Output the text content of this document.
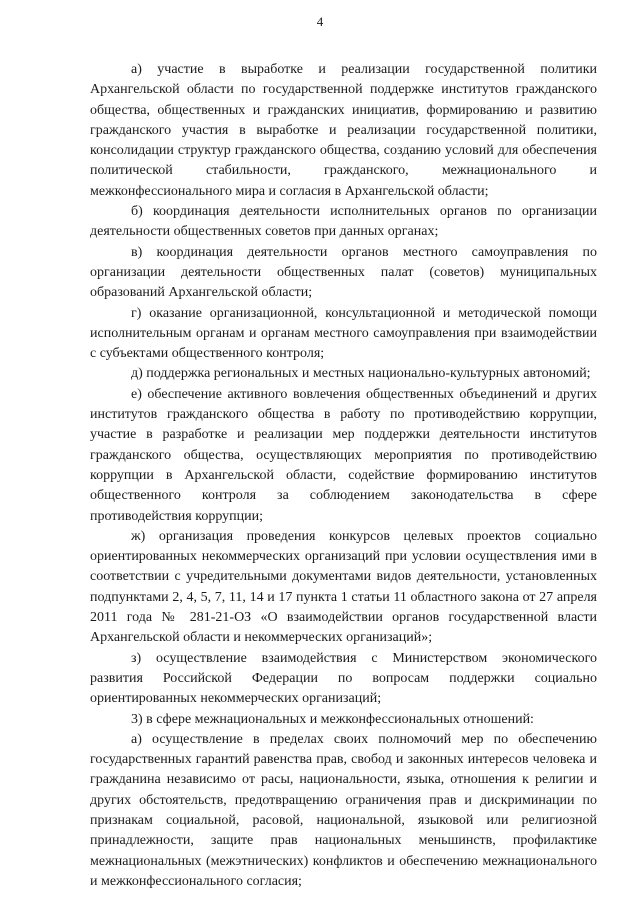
4

а) участие в выработке и реализации государственной политики Архангельской области по государственной поддержке институтов гражданского общества, общественных и гражданских инициатив, формированию и развитию гражданского участия в выработке и реализации государственной политики, консолидации структур гражданского общества, созданию условий для обеспечения политической стабильности, гражданского, межнационального и межконфессионального мира и согласия в Архангельской области;

б) координация деятельности исполнительных органов по организации деятельности общественных советов при данных органах;

в) координация деятельности органов местного самоуправления по организации деятельности общественных палат (советов) муниципальных образований Архангельской области;

г) оказание организационной, консультационной и методической помощи исполнительным органам и органам местного самоуправления при взаимодействии с субъектами общественного контроля;

д) поддержка региональных и местных национально-культурных автономий;

е) обеспечение активного вовлечения общественных объединений и других институтов гражданского общества в работу по противодействию коррупции, участие в разработке и реализации мер поддержки деятельности институтов гражданского общества, осуществляющих мероприятия по противодействию коррупции в Архангельской области, содействие формированию институтов общественного контроля за соблюдением законодательства в сфере противодействия коррупции;

ж) организация проведения конкурсов целевых проектов социально ориентированных некоммерческих организаций при условии осуществления ими в соответствии с учредительными документами видов деятельности, установленных подпунктами 2, 4, 5, 7, 11, 14 и 17 пункта 1 статьи 11 областного закона от 27 апреля 2011 года № 281-21-ОЗ «О взаимодействии органов государственной власти Архангельской области и некоммерческих организаций»;

з) осуществление взаимодействия с Министерством экономического развития Российской Федерации по вопросам поддержки социально ориентированных некоммерческих организаций;

3) в сфере межнациональных и межконфессиональных отношений:

а) осуществление в пределах своих полномочий мер по обеспечению государственных гарантий равенства прав, свобод и законных интересов человека и гражданина независимо от расы, национальности, языка, отношения к религии и других обстоятельств, предотвращению ограничения прав и дискриминации по признакам социальной, расовой, национальной, языковой или религиозной принадлежности, защите прав национальных меньшинств, профилактике межнациональных (межэтнических) конфликтов и обеспечению межнационального и межконфессионального согласия;
